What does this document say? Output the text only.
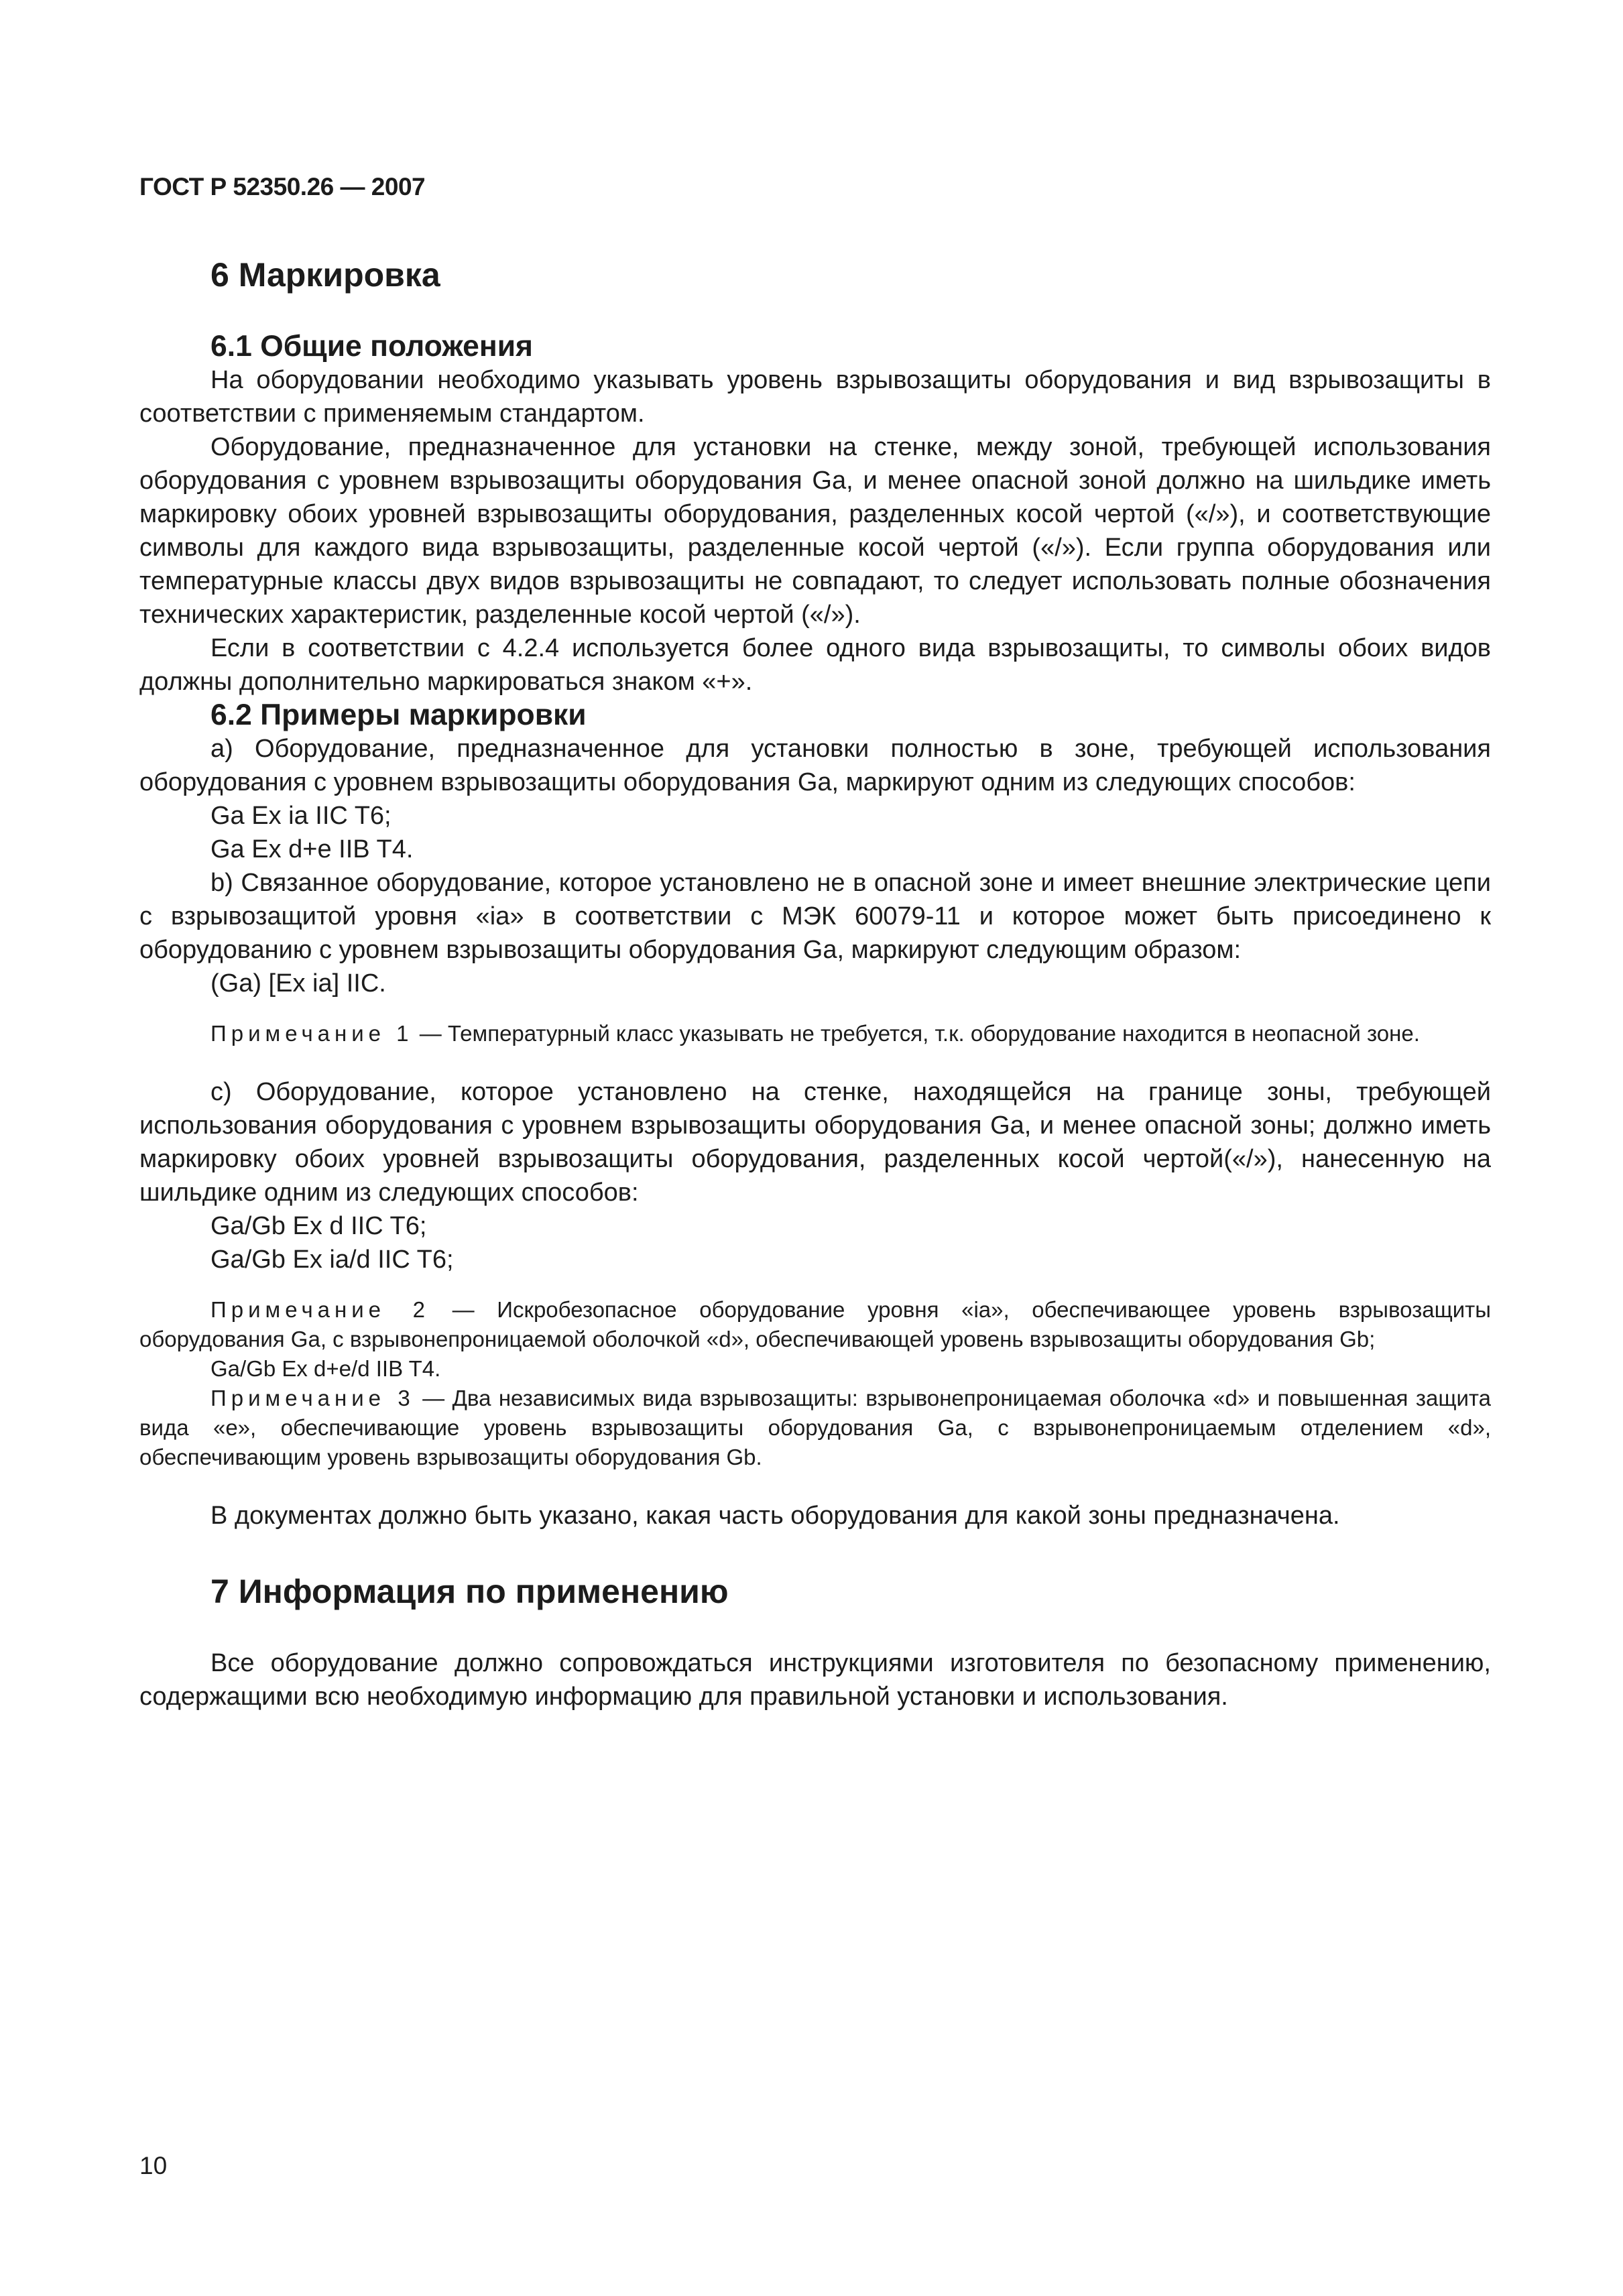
ГОСТ Р 52350.26 — 2007
6 Маркировка
6.1 Общие положения

На оборудовании необходимо указывать уровень взрывозащиты оборудования и вид взрывозащиты в соответствии с применяемым стандартом.

Оборудование, предназначенное для установки на стенке, между зоной, требующей использования оборудования с уровнем взрывозащиты оборудования Ga, и менее опасной зоной должно на шильдике иметь маркировку обоих уровней взрывозащиты оборудования, разделенных косой чертой («/»), и соответствующие символы для каждого вида взрывозащиты, разделенные косой чертой («/»). Если группа оборудования или температурные классы двух видов взрывозащиты не совпадают, то следует использовать полные обозначения технических характеристик, разделенные косой чертой («/»).

Если в соответствии с 4.2.4 используется более одного вида взрывозащиты, то символы обоих видов должны дополнительно маркироваться знаком «+».

6.2 Примеры маркировки

a) Оборудование, предназначенное для установки полностью в зоне, требующей использования оборудования с уровнем взрывозащиты оборудования Ga, маркируют одним из следующих способов:

Ga Ex ia IIC T6;
Ga Ex d+e IIB T4.

b) Связанное оборудование, которое установлено не в опасной зоне и имеет внешние электрические цепи с взрывозащитой уровня «ia» в соответствии с МЭК 60079-11 и которое может быть присоединено к оборудованию с уровнем взрывозащиты оборудования Ga, маркируют следующим образом:

(Ga) [Ex ia] IIC.

Примечание 1 — Температурный класс указывать не требуется, т.к. оборудование находится в неопасной зоне.

c) Оборудование, которое установлено на стенке, находящейся на границе зоны, требующей использования оборудования с уровнем взрывозащиты оборудования Ga, и менее опасной зоны; должно иметь маркировку обоих уровней взрывозащиты оборудования, разделенных косой чертой(«/»), нанесенную на шильдике одним из следующих способов:

Ga/Gb Ex d IIC T6;
Ga/Gb Ex ia/d IIC T6;

Примечание 2 — Искробезопасное оборудование уровня «ia», обеспечивающее уровень взрывозащиты оборудования Ga, с взрывонепроницаемой оболочкой «d», обеспечивающей уровень взрывозащиты оборудования Gb;

Ga/Gb Ex d+e/d IIB T4.

Примечание 3 — Два независимых вида взрывозащиты: взрывонепроницаемая оболочка «d» и повышенная защита вида «e», обеспечивающие уровень взрывозащиты оборудования Ga, с взрывонепроницаемым отделением «d», обеспечивающим уровень взрывозащиты оборудования Gb.

В документах должно быть указано, какая часть оборудования для какой зоны предназначена.

7 Информация по применению

Все оборудование должно сопровождаться инструкциями изготовителя по безопасному применению, содержащими всю необходимую информацию для правильной установки и использования.

10
